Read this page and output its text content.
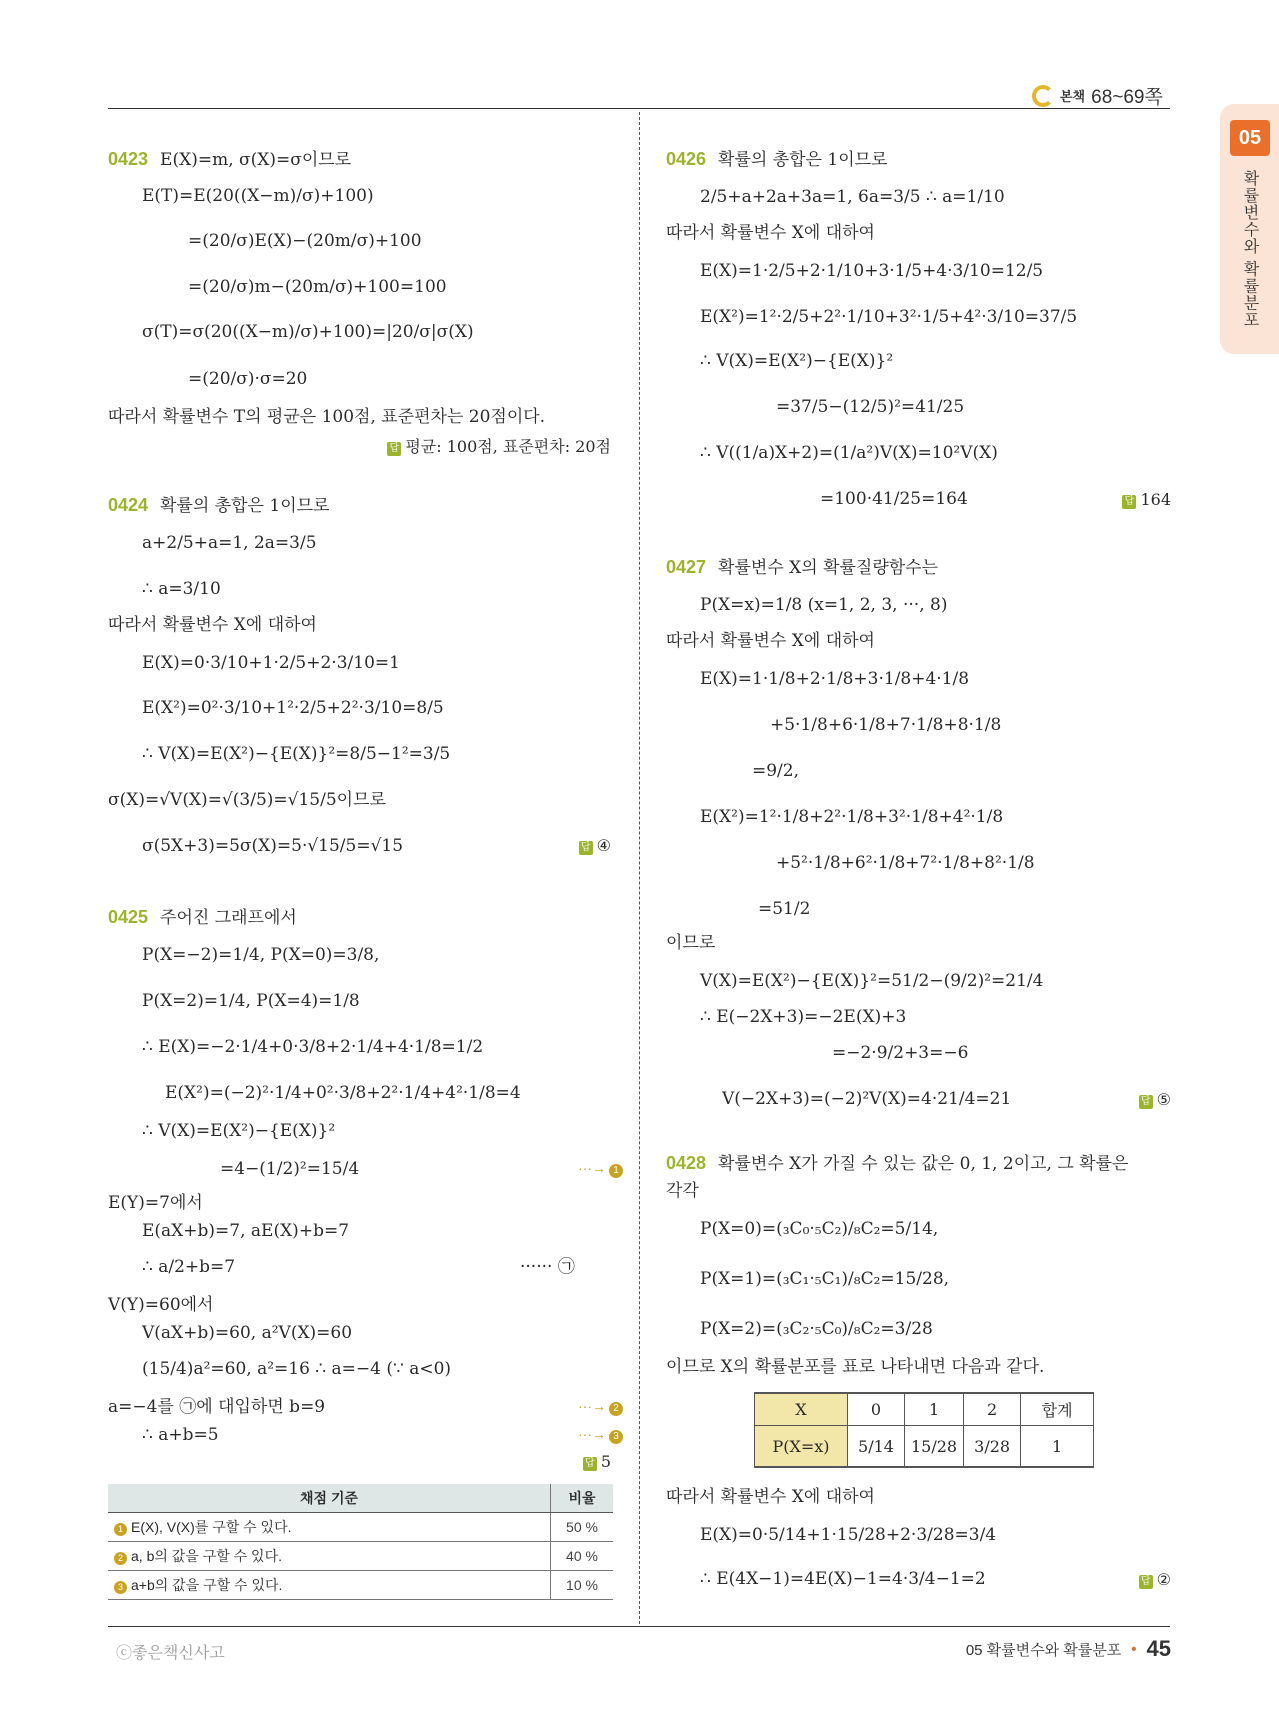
본책 68~69쪽
05
확률변수와 확률분포
0423 E(X)=m, σ(X)=σ이므로
E(T)=E(20((X−m)/σ)+100)
=(20/σ)E(X)−(20m/σ)+100
=(20/σ)m−(20m/σ)+100=100
σ(T)=σ(20((X−m)/σ)+100)=|20/σ|σ(X)
=(20/σ)·σ=20
따라서 확률변수 T의 평균은 100점, 표준편차는 20점이다.
답 평균: 100점, 표준편차: 20점
0424 확률의 총합은 1이므로
a+2/5+a=1, 2a=3/5
∴ a=3/10
따라서 확률변수 X에 대하여
E(X)=0·3/10+1·2/5+2·3/10=1
E(X²)=0²·3/10+1²·2/5+2²·3/10=8/5
∴ V(X)=E(X²)−{E(X)}²=8/5−1²=3/5
σ(X)=√V(X)=√(3/5)=√15/5이므로
σ(5X+3)=5σ(X)=5·√15/5=√15	답 ④
0425 주어진 그래프에서
P(X=−2)=1/4, P(X=0)=3/8,
P(X=2)=1/4, P(X=4)=1/8
∴ E(X)=−2·1/4+0·3/8+2·1/4+4·1/8=1/2
E(X²)=(−2)²·1/4+0²·3/8+2²·1/4+4²·1/8=4
∴ V(X)=E(X²)−{E(X)}²
=4−(1/2)²=15/4	···→ 1
E(Y)=7에서
E(aX+b)=7, aE(X)+b=7
∴ a/2+b=7	······ ㉠
V(Y)=60에서
V(aX+b)=60, a²V(X)=60
(15/4)a²=60, a²=16 ∴ a=−4 (∵ a<0)
a=−4를 ㉠에 대입하면 b=9	···→ 2
∴ a+b=5	···→ 3
답 5
채점 기준	비율
1 E(X), V(X)를 구할 수 있다.	50 %
2 a, b의 값을 구할 수 있다.	40 %
3 a+b의 값을 구할 수 있다.	10 %
0426 확률의 총합은 1이므로
2/5+a+2a+3a=1, 6a=3/5 ∴ a=1/10
따라서 확률변수 X에 대하여
E(X)=1·2/5+2·1/10+3·1/5+4·3/10=12/5
E(X²)=1²·2/5+2²·1/10+3²·1/5+4²·3/10=37/5
∴ V(X)=E(X²)−{E(X)}²
=37/5−(12/5)²=41/25
∴ V((1/a)X+2)=(1/a²)V(X)=10²V(X)
=100·41/25=164	답 164
0427 확률변수 X의 확률질량함수는
P(X=x)=1/8 (x=1, 2, 3, ···, 8)
따라서 확률변수 X에 대하여
E(X)=1·1/8+2·1/8+3·1/8+4·1/8
+5·1/8+6·1/8+7·1/8+8·1/8
=9/2,
E(X²)=1²·1/8+2²·1/8+3²·1/8+4²·1/8
+5²·1/8+6²·1/8+7²·1/8+8²·1/8
=51/2
이므로
V(X)=E(X²)−{E(X)}²=51/2−(9/2)²=21/4
∴ E(−2X+3)=−2E(X)+3
=−2·9/2+3=−6
V(−2X+3)=(−2)²V(X)=4·21/4=21	답 ⑤
0428 확률변수 X가 가질 수 있는 값은 0, 1, 2이고, 그 확률은
각각
P(X=0)=(₃C₀·₅C₂)/₈C₂=5/14,
P(X=1)=(₃C₁·₅C₁)/₈C₂=15/28,
P(X=2)=(₃C₂·₅C₀)/₈C₂=3/28
이므로 X의 확률분포를 표로 나타내면 다음과 같다.
X	0	1	2	합계
P(X=x)	5/14	15/28	3/28	1
따라서 확률변수 X에 대하여
E(X)=0·5/14+1·15/28+2·3/28=3/4
∴ E(4X−1)=4E(X)−1=4·3/4−1=2	답 ②
ⓒ좋은책신사고	05 확률변수와 확률분포 • 45
